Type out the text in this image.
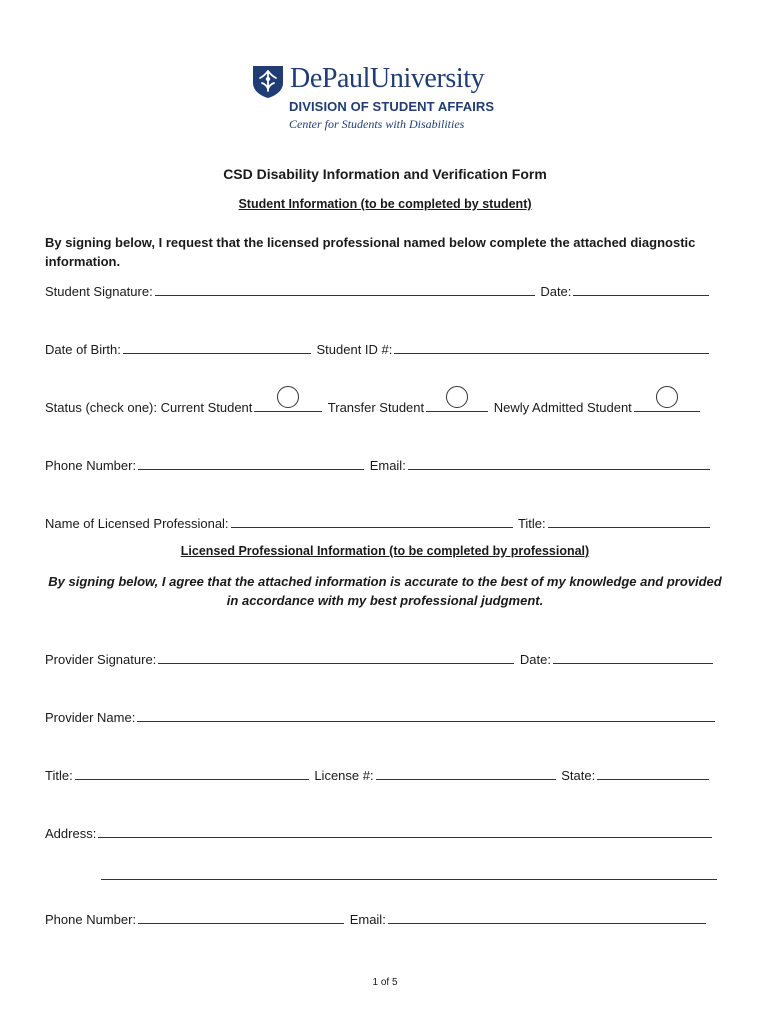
DePaulUniversity
DIVISION OF STUDENT AFFAIRS
Center for Students with Disabilities
CSD Disability Information and Verification Form
Student Information (to be completed by student)
By signing below, I request that the licensed professional named below complete the attached diagnostic information.
Student Signature:	Date:
Date of Birth:	Student ID #:
Status (check one): Current Student	Transfer Student	Newly Admitted Student
Phone Number:	Email:
Name of Licensed Professional:	Title:
Licensed Professional Information (to be completed by professional)
By signing below, I agree that the attached information is accurate to the best of my knowledge and provided
in accordance with my best professional judgment.
Provider Signature:	Date:
Provider Name:
Title:	License #:	State:
Address:
Phone Number:	Email:
1 of 5
